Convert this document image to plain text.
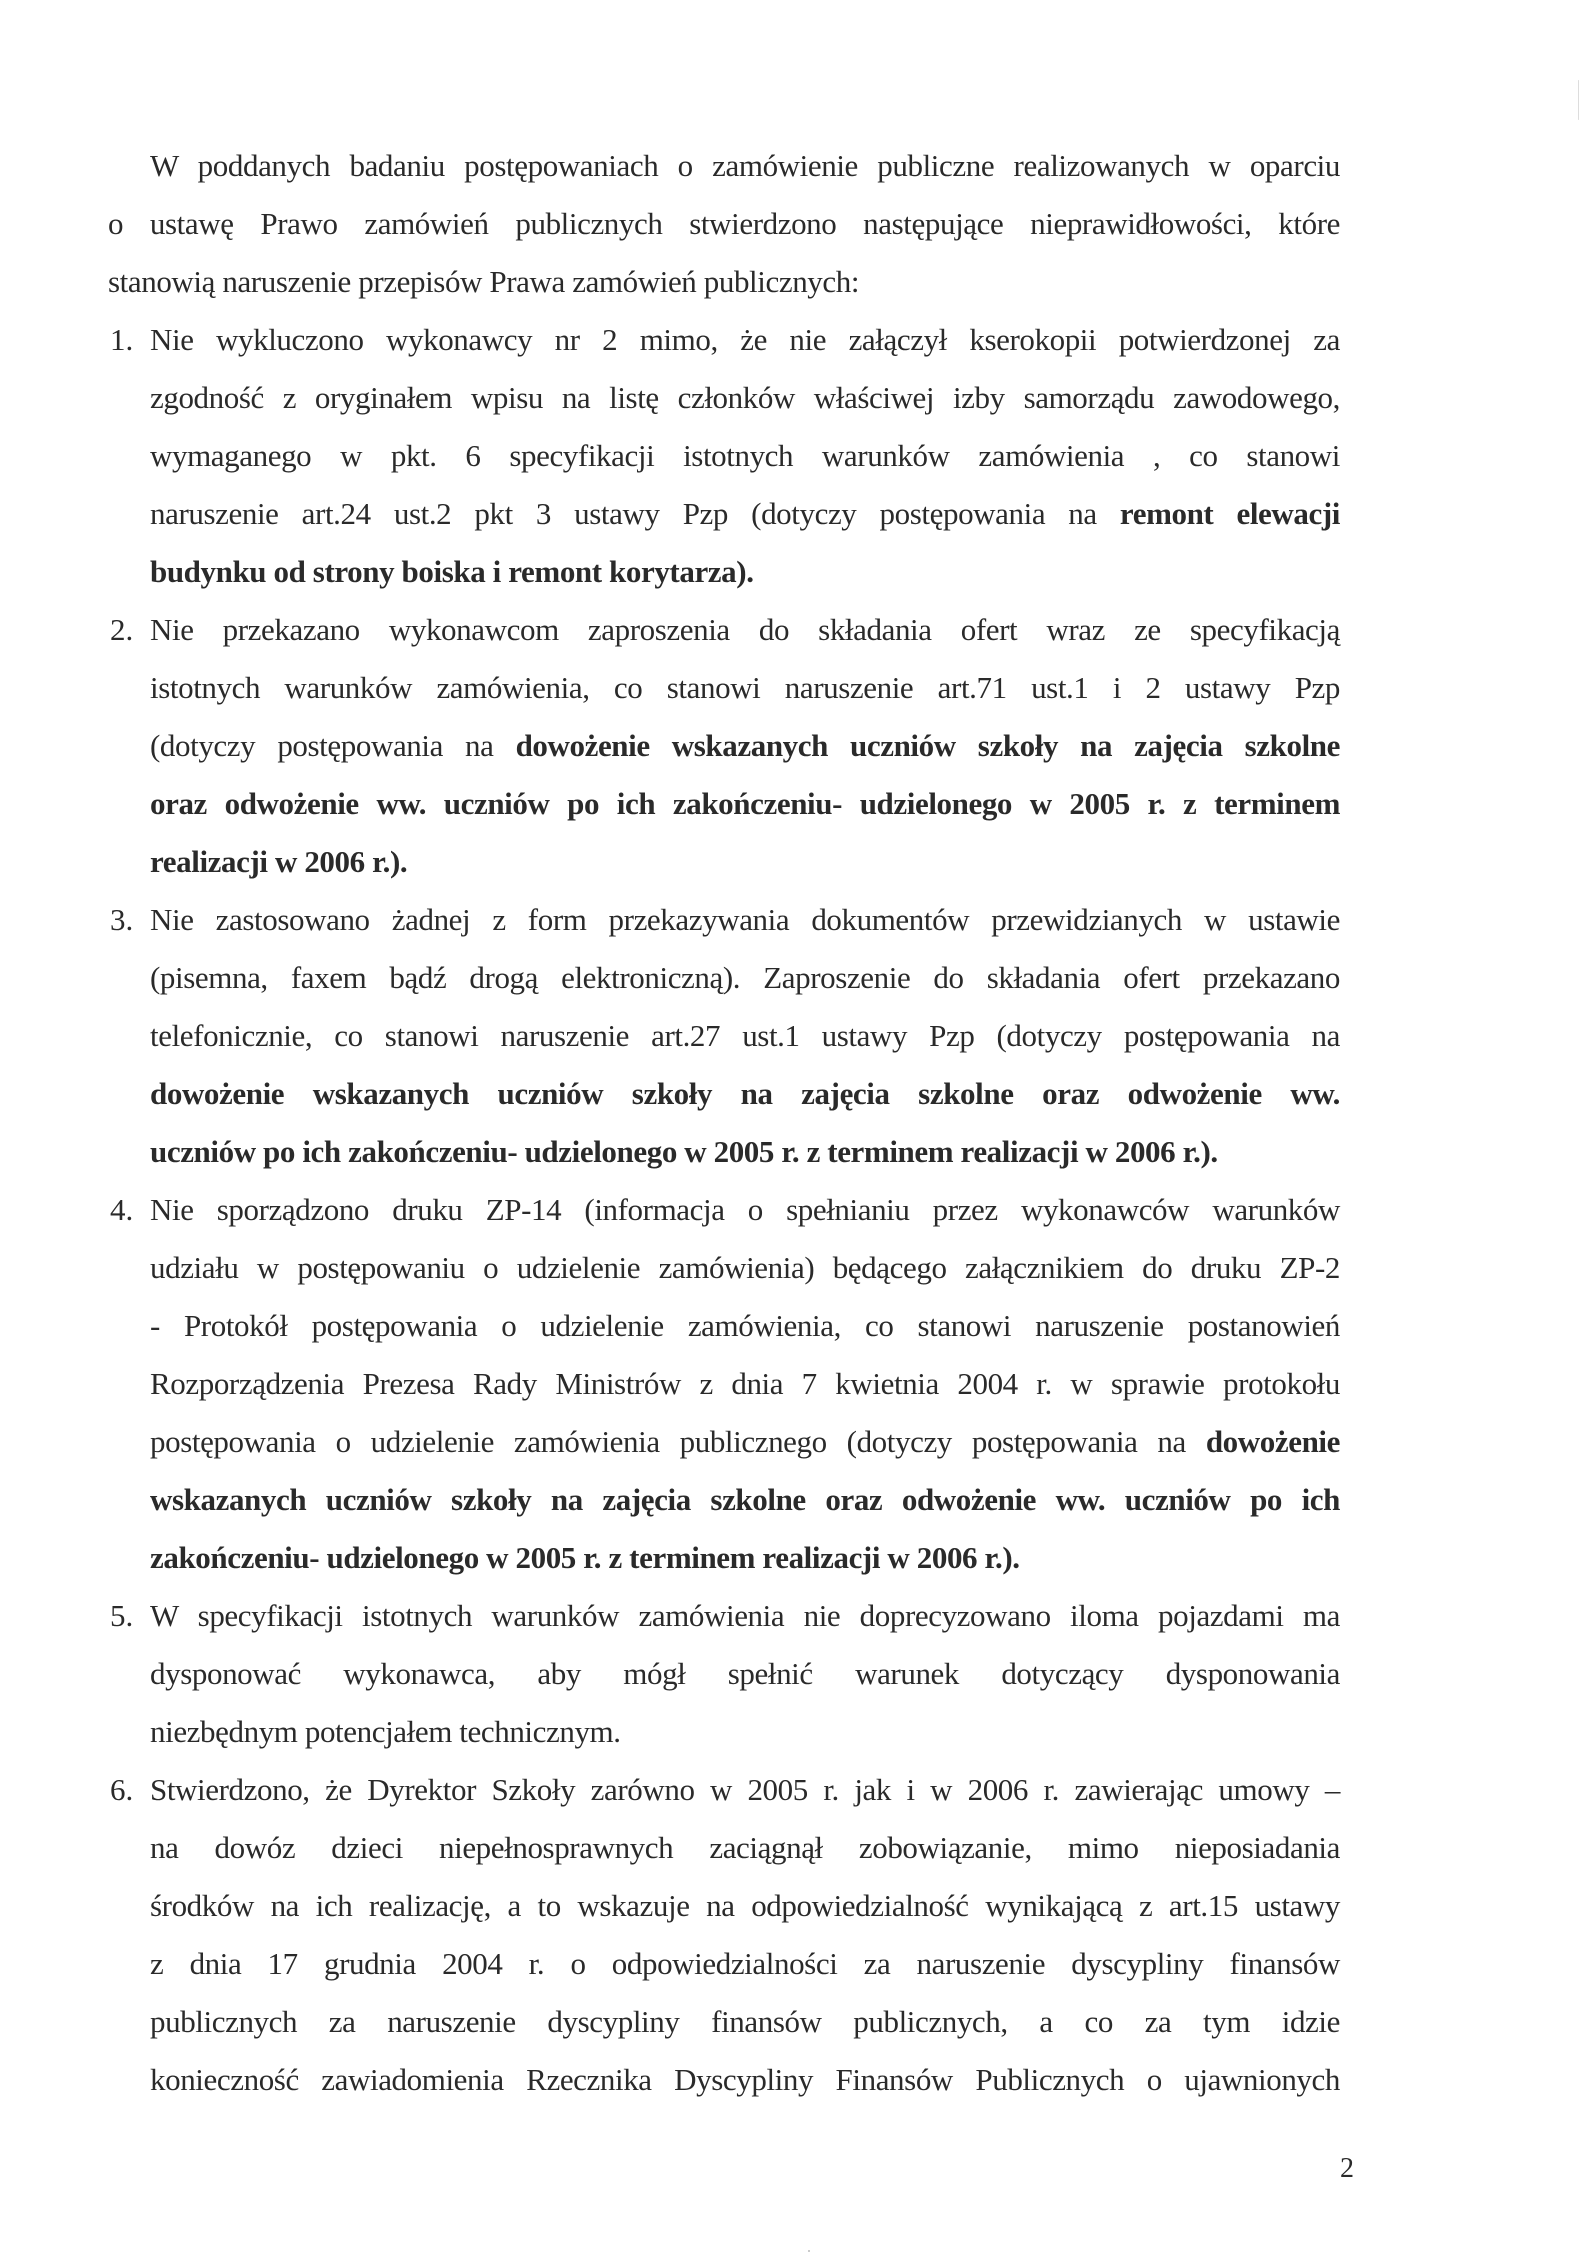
W poddanych badaniu postępowaniach o zamówienie publiczne realizowanych w oparciu
o ustawę Prawo zamówień publicznych stwierdzono następujące nieprawidłowości, które
stanowią naruszenie przepisów Prawa zamówień publicznych:
1. Nie wykluczono wykonawcy nr 2 mimo, że nie załączył kserokopii potwierdzonej za
zgodność z oryginałem wpisu na listę członków właściwej izby samorządu zawodowego,
wymaganego w pkt. 6 specyfikacji istotnych warunków zamówienia , co stanowi
naruszenie art.24 ust.2 pkt 3 ustawy Pzp (dotyczy postępowania na remont elewacji
budynku od strony boiska i remont korytarza).
2. Nie przekazano wykonawcom zaproszenia do składania ofert wraz ze specyfikacją
istotnych warunków zamówienia, co stanowi naruszenie art.71 ust.1 i 2 ustawy Pzp
(dotyczy postępowania na dowożenie wskazanych uczniów szkoły na zajęcia szkolne
oraz odwożenie ww. uczniów po ich zakończeniu- udzielonego w 2005 r. z terminem
realizacji w 2006 r.).
3. Nie zastosowano żadnej z form przekazywania dokumentów przewidzianych w ustawie
(pisemna, faxem bądź drogą elektroniczną). Zaproszenie do składania ofert przekazano
telefonicznie, co stanowi naruszenie art.27 ust.1 ustawy Pzp (dotyczy postępowania na
dowożenie wskazanych uczniów szkoły na zajęcia szkolne oraz odwożenie ww.
uczniów po ich zakończeniu- udzielonego w 2005 r. z terminem realizacji w 2006 r.).
4. Nie sporządzono druku ZP-14 (informacja o spełnianiu przez wykonawców warunków
udziału w postępowaniu o udzielenie zamówienia) będącego załącznikiem do druku ZP-2
- Protokół postępowania o udzielenie zamówienia, co stanowi naruszenie postanowień
Rozporządzenia Prezesa Rady Ministrów z dnia 7 kwietnia 2004 r. w sprawie protokołu
postępowania o udzielenie zamówienia publicznego (dotyczy postępowania na dowożenie
wskazanych uczniów szkoły na zajęcia szkolne oraz odwożenie ww. uczniów po ich
zakończeniu- udzielonego w 2005 r. z terminem realizacji w 2006 r.).
5. W specyfikacji istotnych warunków zamówienia nie doprecyzowano iloma pojazdami ma
dysponować wykonawca, aby mógł spełnić warunek dotyczący dysponowania
niezbędnym potencjałem technicznym.
6. Stwierdzono, że Dyrektor Szkoły zarówno w 2005 r. jak i w 2006 r. zawierając umowy –
na dowóz dzieci niepełnosprawnych zaciągnął zobowiązanie, mimo nieposiadania
środków na ich realizację, a to wskazuje na odpowiedzialność wynikającą z art.15 ustawy
z dnia 17 grudnia 2004 r. o odpowiedzialności za naruszenie dyscypliny finansów
publicznych za naruszenie dyscypliny finansów publicznych, a co za tym idzie
konieczność zawiadomienia Rzecznika Dyscypliny Finansów Publicznych o ujawnionych
2
